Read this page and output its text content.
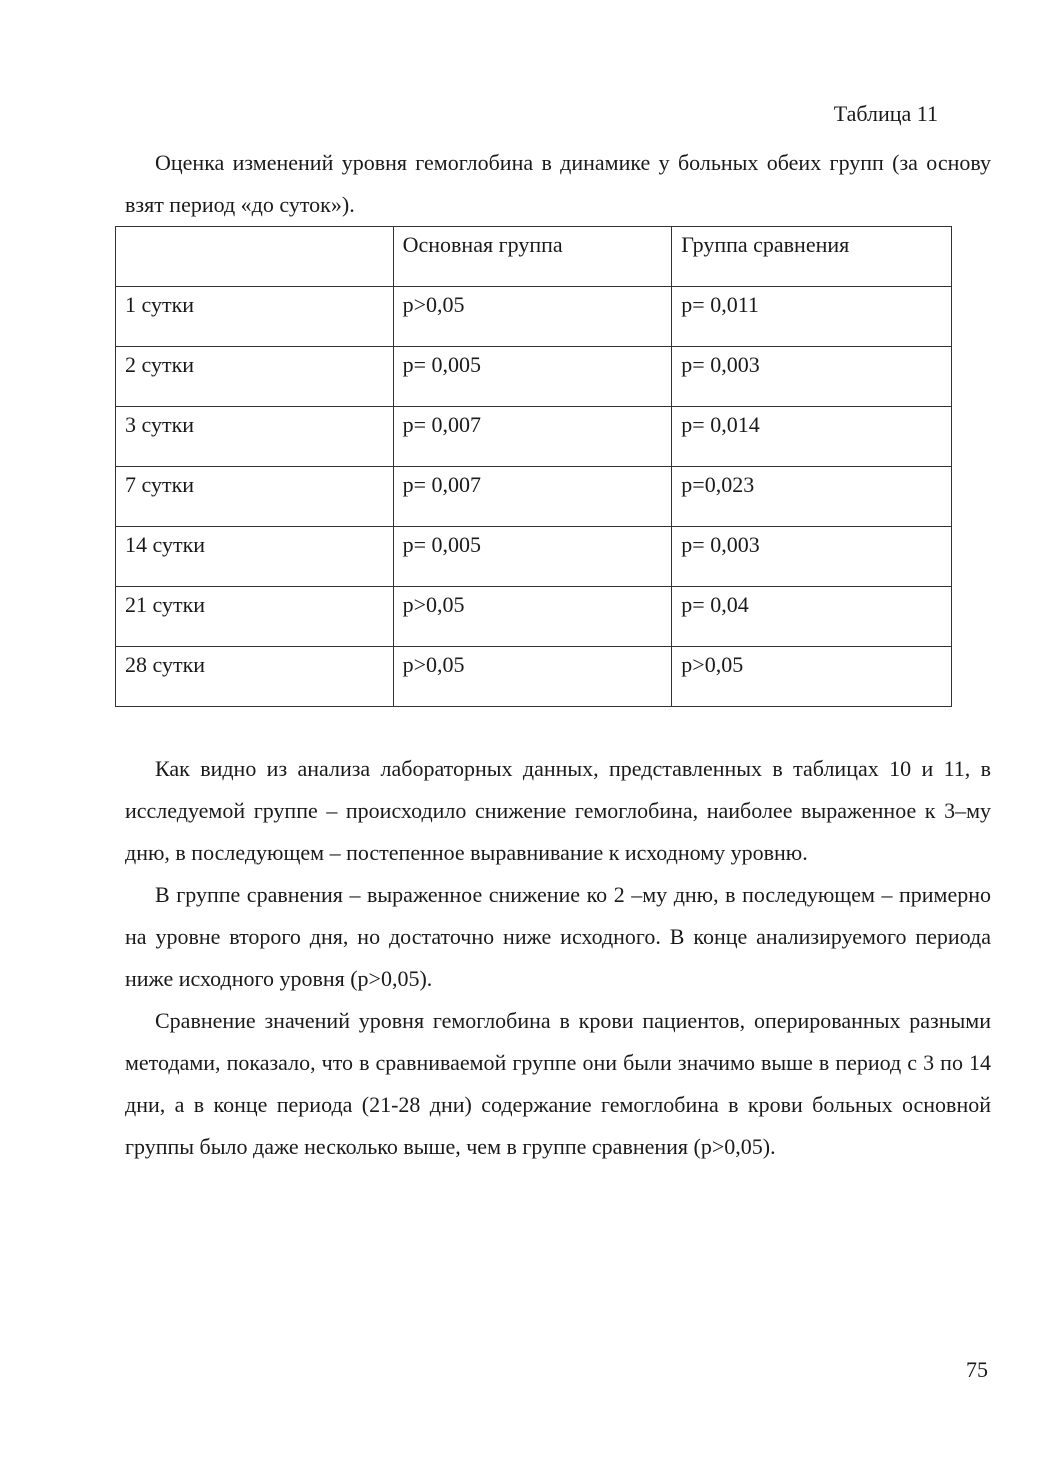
Таблица 11
Оценка изменений уровня гемоглобина в динамике у больных обеих групп (за основу взят период «до суток»).
	Основная группа	Группа сравнения
1 сутки	p>0,05	p= 0,011
2 сутки	p= 0,005	p= 0,003
3 сутки	p= 0,007	p= 0,014
7 сутки	p= 0,007	p=0,023
14 сутки	p= 0,005	p= 0,003
21 сутки	p>0,05	p= 0,04
28 сутки	p>0,05	p>0,05

Как видно из анализа лабораторных данных, представленных в таблицах 10 и 11, в исследуемой группе – происходило снижение гемоглобина, наиболее выраженное к 3–му дню, в последующем – постепенное выравнивание к исходному уровню.

В группе сравнения – выраженное снижение ко 2 –му дню, в последующем – примерно на уровне второго дня, но достаточно ниже исходного. В конце анализируемого периода ниже исходного уровня (р>0,05).

Сравнение значений уровня гемоглобина в крови пациентов, оперированных разными методами, показало, что в сравниваемой группе они были значимо выше в период с 3 по 14 дни, а в конце периода (21-28 дни) содержание гемоглобина в крови больных основной группы было даже несколько выше, чем в группе сравнения (р>0,05).

75
